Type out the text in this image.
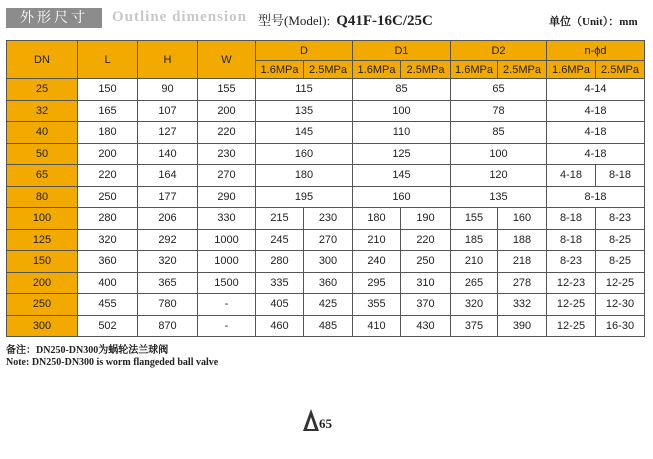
外形尺寸	Outline dimension 型号(Model): Q41F-16C/25C	单位（Unit）：mm
DN	L	H	W	D		D1		D2		n-ϕd	
				1.6MPa	2.5MPa	1.6MPa	2.5MPa	1.6MPa	2.5MPa	1.6MPa	2.5MPa
25	150	90	155	115		85		65		4-14	
32	165	107	200	135		100		78		4-18	
40	180	127	220	145		110		85		4-18	
50	200	140	230	160		125		100		4-18	
65	220	164	270	180		145		120		4-18	8-18
80	250	177	290	195		160		135		8-18	
100	280	206	330	215	230	180	190	155	160	8-18	8-23
125	320	292	1000	245	270	210	220	185	188	8-18	8-25
150	360	320	1000	280	300	240	250	210	218	8-23	8-25
200	400	365	1500	335	360	295	310	265	278	12-23	12-25
250	455	780	-	405	425	355	370	320	332	12-25	12-30
300	502	870	-	460	485	410	430	375	390	12-25	16-30
备注：DN250-DN300为蜗轮法兰球阀
Note: DN250-DN300 is worm flangeded ball valve
65
